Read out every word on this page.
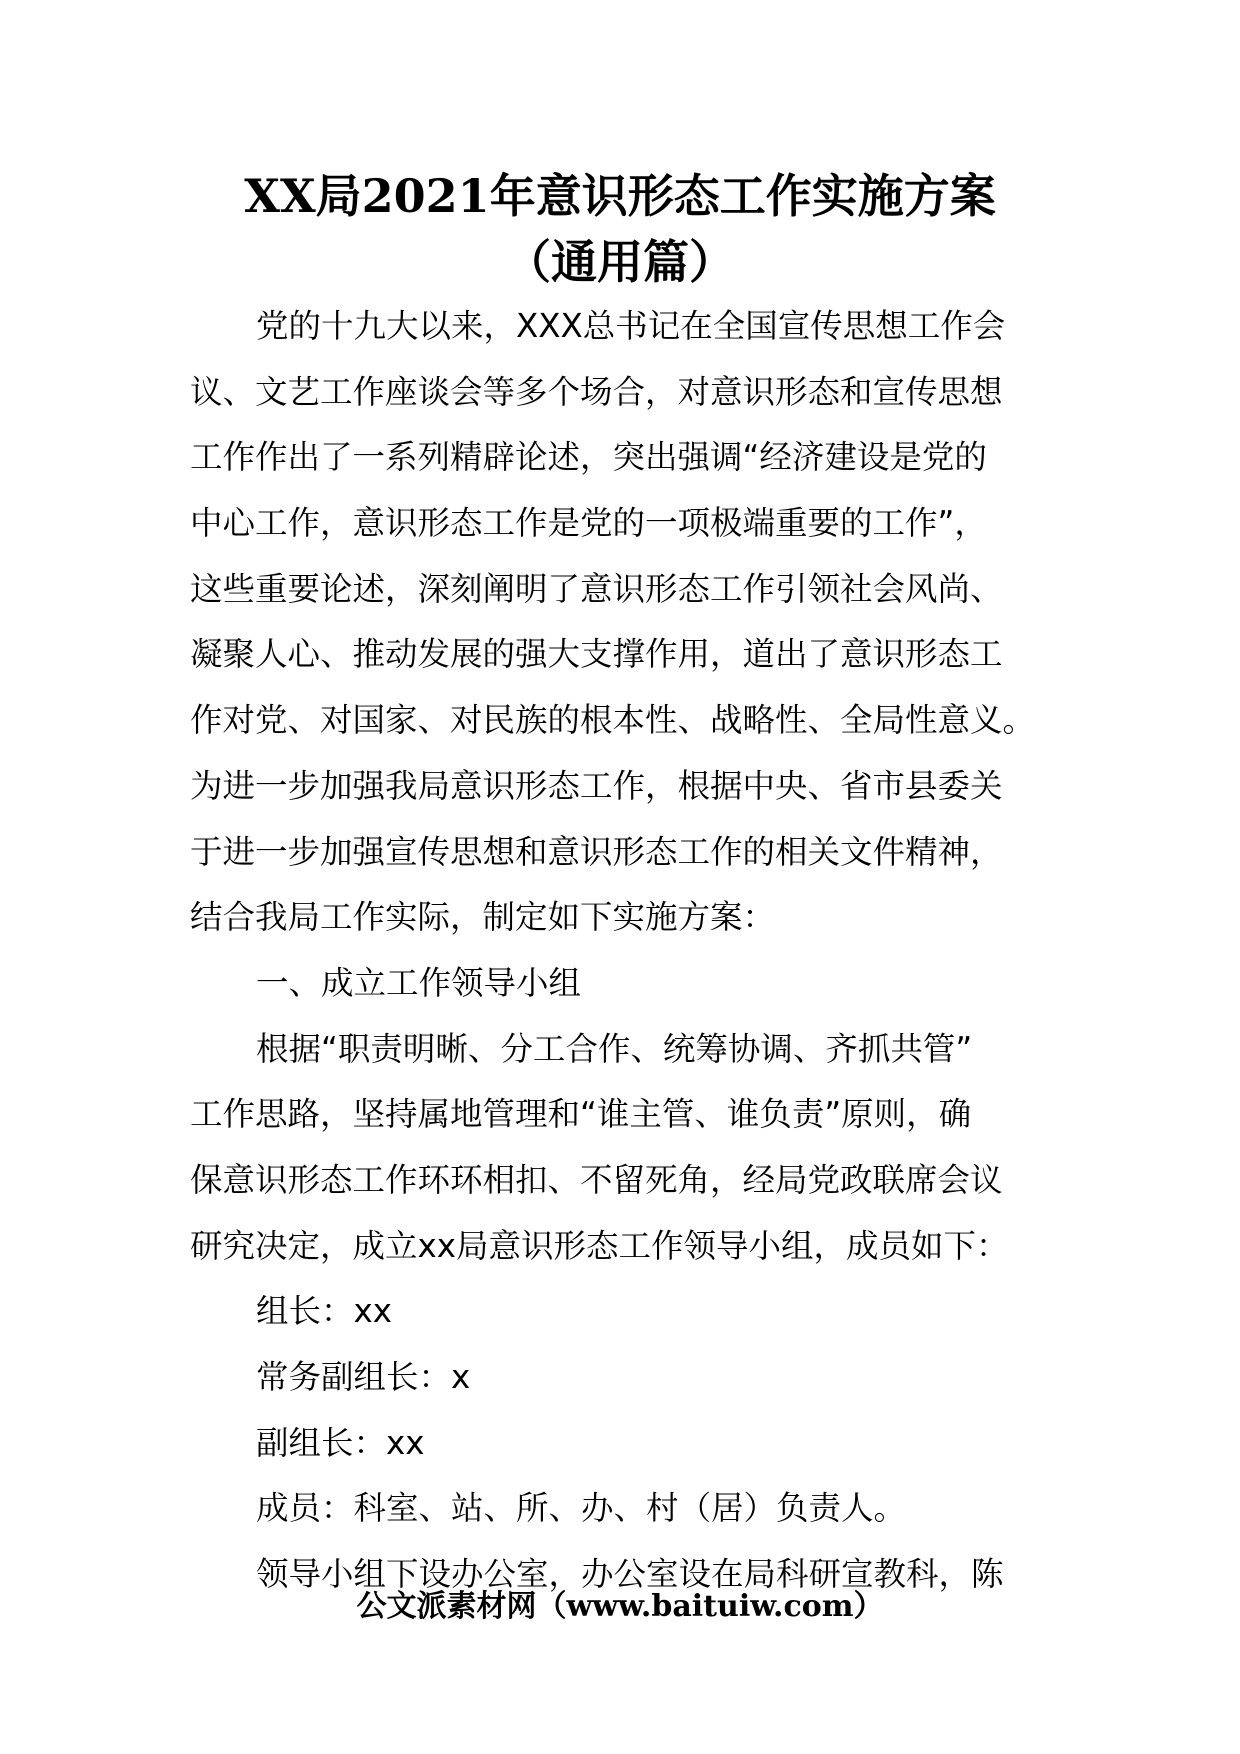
XX局2021年意识形态工作实施方案
（通用篇）
党的十九大以来，XXX总书记在全国宣传思想工作会
议、文艺工作座谈会等多个场合，对意识形态和宣传思想
工作作出了一系列精辟论述，突出强调“经济建设是党的
中心工作，意识形态工作是党的一项极端重要的工作”，
这些重要论述，深刻阐明了意识形态工作引领社会风尚、
凝聚人心、推动发展的强大支撑作用，道出了意识形态工
作对党、对国家、对民族的根本性、战略性、全局性意义。
为进一步加强我局意识形态工作，根据中央、省市县委关
于进一步加强宣传思想和意识形态工作的相关文件精神，
结合我局工作实际，制定如下实施方案：
一、成立工作领导小组
根据“职责明晰、分工合作、统筹协调、齐抓共管”
工作思路，坚持属地管理和“谁主管、谁负责”原则，确
保意识形态工作环环相扣、不留死角，经局党政联席会议
研究决定，成立xx局意识形态工作领导小组，成员如下：
组长：xx
常务副组长：x
副组长：xx
成员：科室、站、所、办、村（居）负责人。
领导小组下设办公室，办公室设在局科研宣教科，陈
公文派素材网（www.baituiw.com）
